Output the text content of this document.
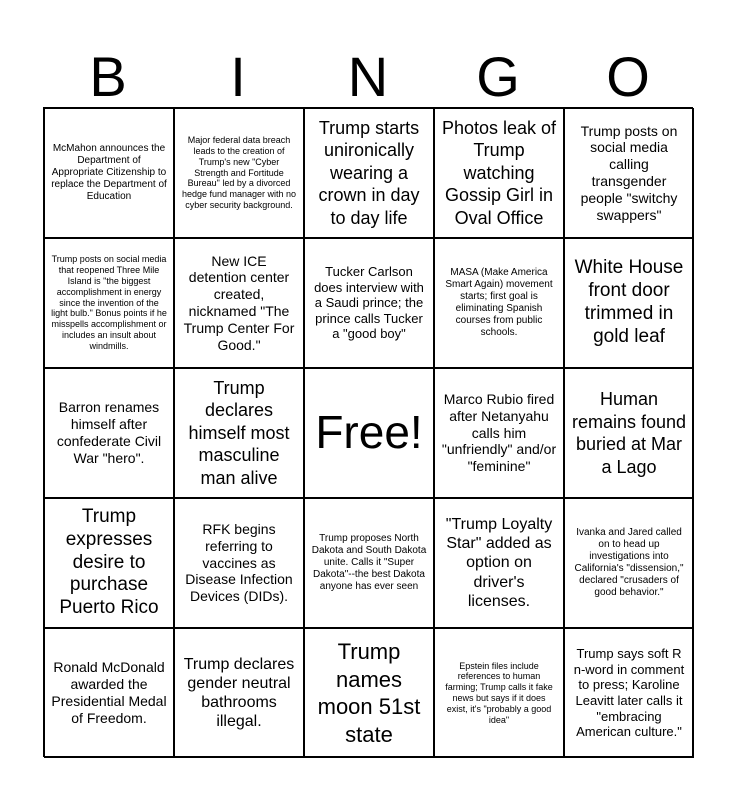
B	I	N	G	O
McMahon announces the Department of Appropriate Citizenship to replace the Department of Education
Major federal data breach leads to the creation of Trump's new "Cyber Strength and Fortitude Bureau" led by a divorced hedge fund manager with no cyber security background.
Trump starts unironically wearing a crown in day to day life
Photos leak of Trump watching Gossip Girl in Oval Office
Trump posts on social media calling transgender people "switchy swappers"
Trump posts on social media that reopened Three Mile Island is "the biggest accomplishment in energy since the invention of the light bulb." Bonus points if he misspells accomplishment or includes an insult about windmills.
New ICE detention center created, nicknamed "The Trump Center For Good."
Tucker Carlson does interview with a Saudi prince; the prince calls Tucker a "good boy"
MASA (Make America Smart Again) movement starts; first goal is eliminating Spanish courses from public schools.
White House front door trimmed in gold leaf
Barron renames himself after confederate Civil War "hero".
Trump declares himself most masculine man alive
Free!
Marco Rubio fired after Netanyahu calls him "unfriendly" and/or "feminine"
Human remains found buried at Mar a Lago
Trump expresses desire to purchase Puerto Rico
RFK begins referring to vaccines as Disease Infection Devices (DIDs).
Trump proposes North Dakota and South Dakota unite. Calls it "Super Dakota"--the best Dakota anyone has ever seen
"Trump Loyalty Star" added as option on driver's licenses.
Ivanka and Jared called on to head up investigations into California's "dissension," declared "crusaders of good behavior."
Ronald McDonald awarded the Presidential Medal of Freedom.
Trump declares gender neutral bathrooms illegal.
Trump names moon 51st state
Epstein files include references to human farming; Trump calls it fake news but says if it does exist, it's "probably a good idea"
Trump says soft R n-word in comment to press; Karoline Leavitt later calls it "embracing American culture."
